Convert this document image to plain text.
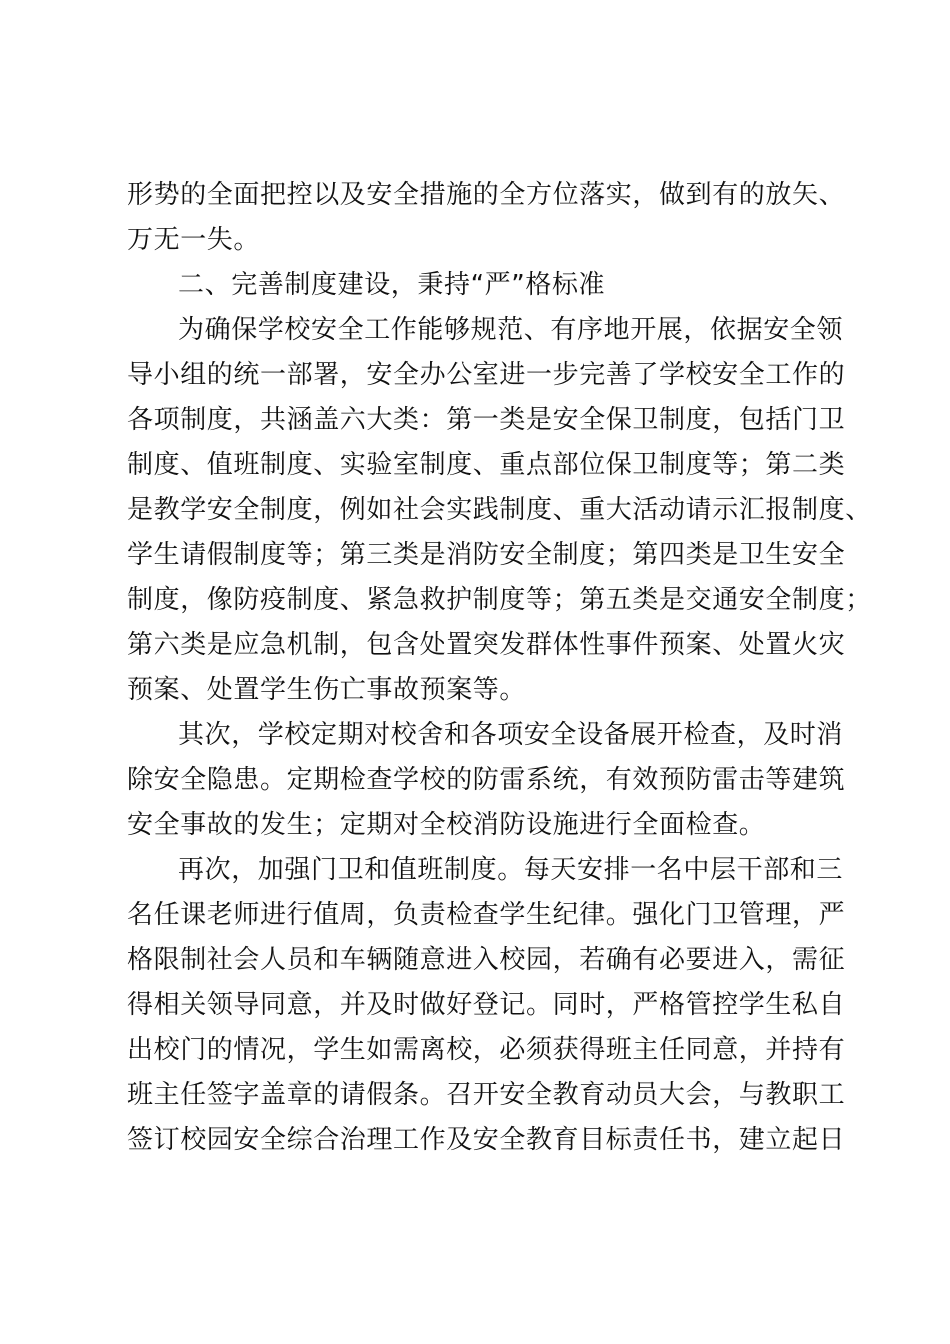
形势的全面把控以及安全措施的全方位落实，做到有的放矢、
万无一失。
二、完善制度建设，秉持“严”格标准
为确保学校安全工作能够规范、有序地开展，依据安全领
导小组的统一部署，安全办公室进一步完善了学校安全工作的
各项制度，共涵盖六大类：第一类是安全保卫制度，包括门卫
制度、值班制度、实验室制度、重点部位保卫制度等；第二类
是教学安全制度，例如社会实践制度、重大活动请示汇报制度、
学生请假制度等；第三类是消防安全制度；第四类是卫生安全
制度，像防疫制度、紧急救护制度等；第五类是交通安全制度；
第六类是应急机制，包含处置突发群体性事件预案、处置火灾
预案、处置学生伤亡事故预案等。
其次，学校定期对校舍和各项安全设备展开检查，及时消
除安全隐患。定期检查学校的防雷系统，有效预防雷击等建筑
安全事故的发生；定期对全校消防设施进行全面检查。
再次，加强门卫和值班制度。每天安排一名中层干部和三
名任课老师进行值周，负责检查学生纪律。强化门卫管理，严
格限制社会人员和车辆随意进入校园，若确有必要进入，需征
得相关领导同意，并及时做好登记。同时，严格管控学生私自
出校门的情况，学生如需离校，必须获得班主任同意，并持有
班主任签字盖章的请假条。召开安全教育动员大会，与教职工
签订校园安全综合治理工作及安全教育目标责任书，建立起日
